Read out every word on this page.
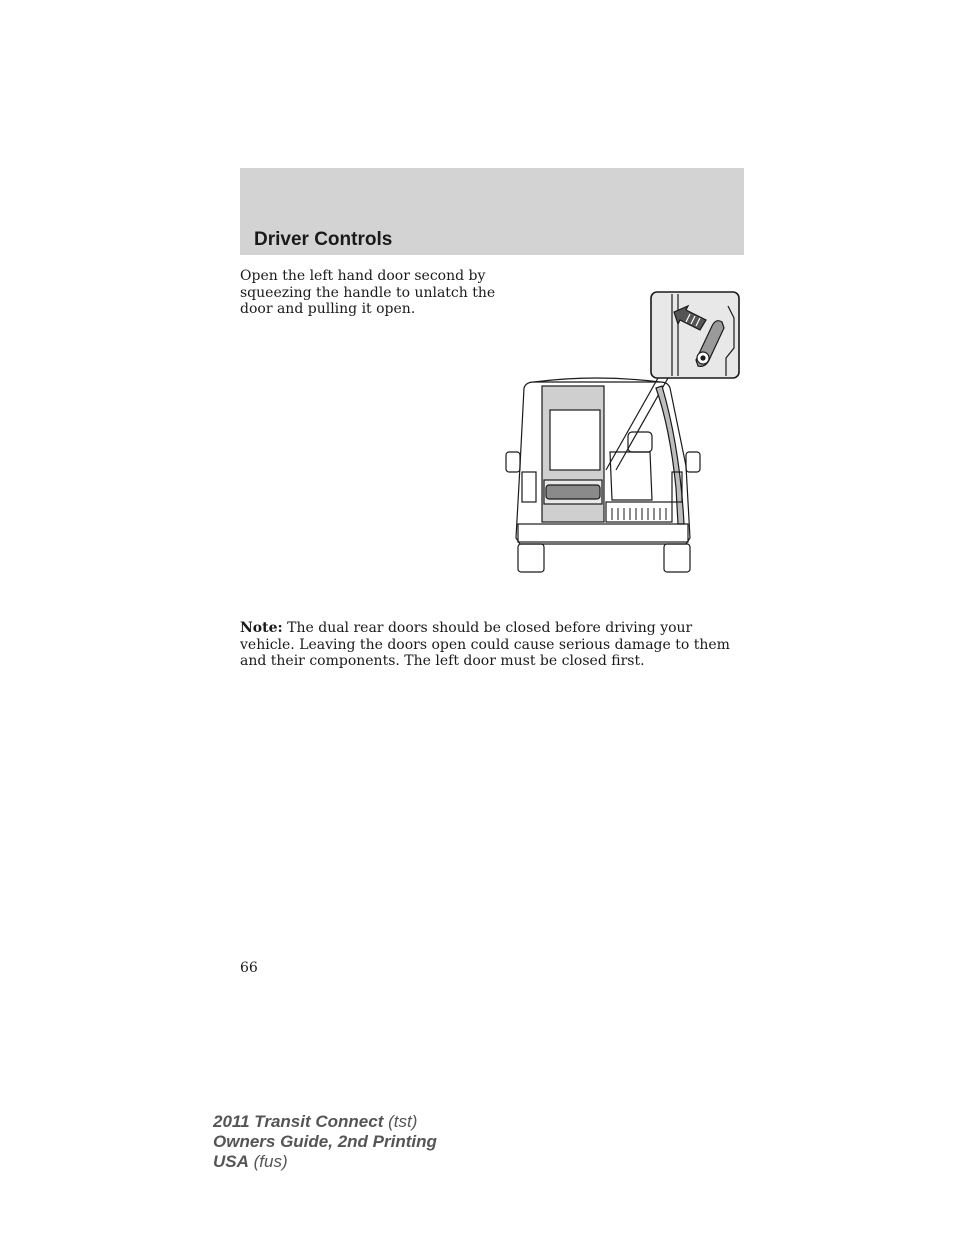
Driver Controls

Open the left hand door second by squeezing the handle to unlatch the door and pulling it open.

Note: The dual rear doors should be closed before driving your vehicle. Leaving the doors open could cause serious damage to them and their components. The left door must be closed first.

66
2011 Transit Connect (tst)
Owners Guide, 2nd Printing
USA (fus)
